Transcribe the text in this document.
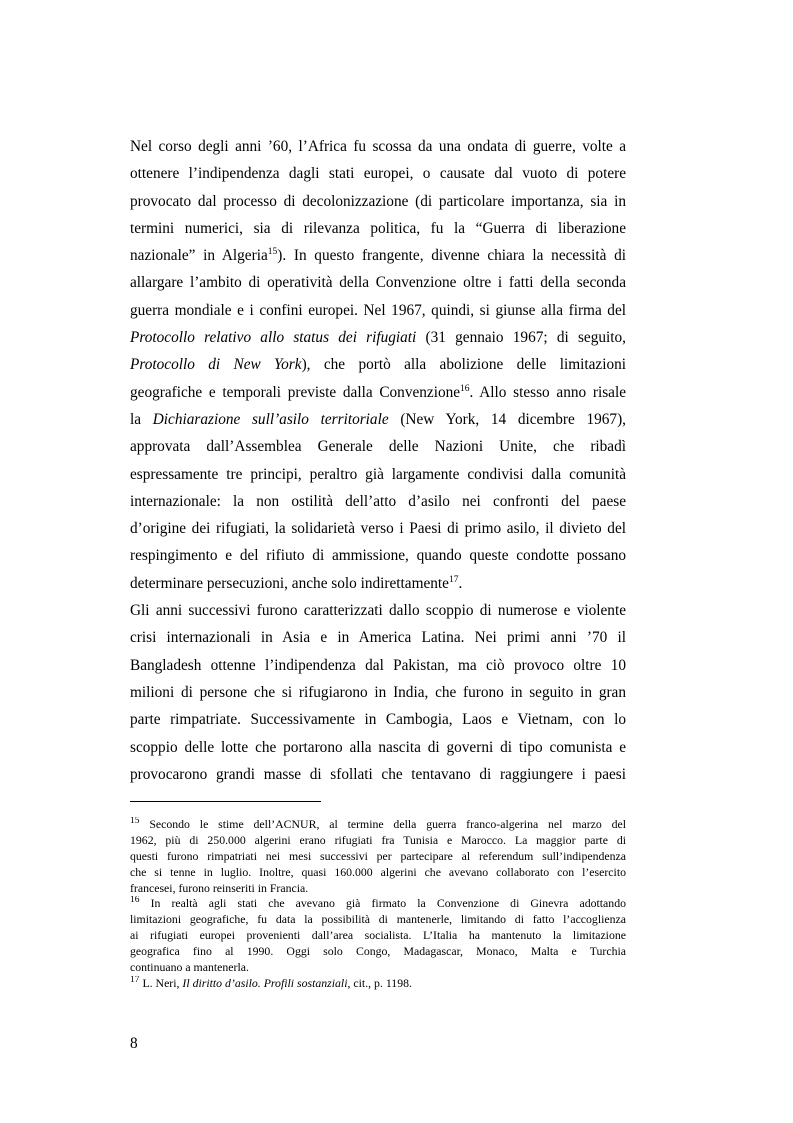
Nel corso degli anni ’60, l’Africa fu scossa da una ondata di guerre, volte a
ottenere l’indipendenza dagli stati europei, o causate dal vuoto di potere
provocato dal processo di decolonizzazione (di particolare importanza, sia in
termini numerici, sia di rilevanza politica, fu la “Guerra di liberazione
nazionale” in Algeria$^{15}$). In questo frangente, divenne chiara la necessità di
allargare l’ambito di operatività della Convenzione oltre i fatti della seconda
guerra mondiale e i confini europei. Nel 1967, quindi, si giunse alla firma del
Protocollo relativo allo status dei rifugiati (31 gennaio 1967; di seguito,
Protocollo di New York), che portò alla abolizione delle limitazioni
geografiche e temporali previste dalla Convenzione$^{16}$. Allo stesso anno risale
la Dichiarazione sull’asilo territoriale (New York, 14 dicembre 1967),
approvata dall’Assemblea Generale delle Nazioni Unite, che ribadì
espressamente tre principi, peraltro già largamente condivisi dalla comunità
internazionale: la non ostilità dell’atto d’asilo nei confronti del paese
d’origine dei rifugiati, la solidarietà verso i Paesi di primo asilo, il divieto del
respingimento e del rifiuto di ammissione, quando queste condotte possano
determinare persecuzioni, anche solo indirettamente$^{17}$.
Gli anni successivi furono caratterizzati dallo scoppio di numerose e violente
crisi internazionali in Asia e in America Latina. Nei primi anni ’70 il
Bangladesh ottenne l’indipendenza dal Pakistan, ma ciò provoco oltre 10
milioni di persone che si rifugiarono in India, che furono in seguito in gran
parte rimpatriate. Successivamente in Cambogia, Laos e Vietnam, con lo
scoppio delle lotte che portarono alla nascita di governi di tipo comunista e
provocarono grandi masse di sfollati che tentavano di raggiungere i paesi
$^{15}$ Secondo le stime dell’ACNUR, al termine della guerra franco-algerina nel marzo del
1962, più di 250.000 algerini erano rifugiati fra Tunisia e Marocco. La maggior parte di
questi furono rimpatriati nei mesi successivi per partecipare al referendum sull’indipendenza
che si tenne in luglio. Inoltre, quasi 160.000 algerini che avevano collaborato con l’esercito
francesei, furono reinseriti in Francia.
$^{16}$ In realtà agli stati che avevano già firmato la Convenzione di Ginevra adottando
limitazioni geografiche, fu data la possibilità di mantenerle, limitando di fatto l’accoglienza
ai rifugiati europei provenienti dall’area socialista. L’Italia ha mantenuto la limitazione
geografica fino al 1990. Oggi solo Congo, Madagascar, Monaco, Malta e Turchia
continuano a mantenerla.
$^{17}$ L. Neri, Il diritto d’asilo. Profili sostanziali, cit., p. 1198.
8
